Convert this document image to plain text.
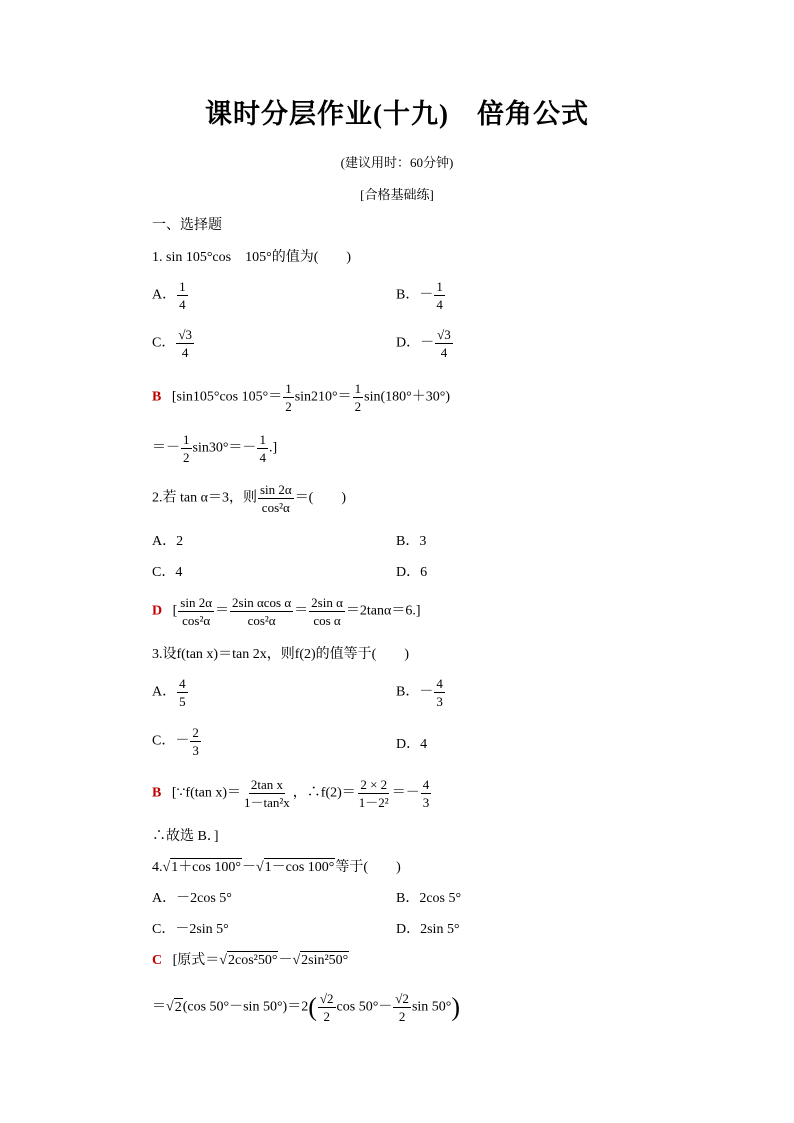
课时分层作业(十九)　倍角公式
(建议用时：60分钟)
[合格基础练]
一、选择题
1. sin 105°cos　105°的值为(　　)
A． $\frac{1}{4}$	B．－ $\frac{1}{4}$
C． $\frac{√3}{4}$	D．－ $\frac{√3}{4}$
B [sin105°cos $105^\circ= \frac{1}{2} \sin 210^\circ= \frac{1}{2} \sin(180^\circ+30^\circ)$
＝－ $\frac{1}{2} \sin 30^\circ=- \frac{1}{4}$ .]
2.若 tan α＝3，则 $\frac{\sin 2\alpha}{\text{cos²α}}$ ＝(　　)
A．2	B．3
C．4	D．6
D [ $\frac{\sin 2\alpha}{\text{cos²α}} = \frac{\text{2sin αcos α}}{\text{cos²α}} = \frac{\text{2sin α}}{\text{cos α}} =2\tan\alpha=6$.]
3.设f(tan x)＝tan 2x，则f(2)的值等于(　　)
A． $\frac{4}{5}$	B．－ $\frac{4}{3}$
C．－ $\frac{2}{3}$	D．4
B [∵f(tan $x)= \frac{\text{2tan x}}{\text{1－tan²x}}$ ，∴f(2)＝ $\frac{2 \times 2}{\text{1－2²}} =- \frac{4}{3}$
∴故选 B．]
4.√1＋cos 100°－√1－cos 100°等于(　　)
A．－2cos 5°	B．2cos 5°
C．－2sin 5°	D．2sin 5°
C [原式＝√2cos²50°－√2sin²50°
＝√2(cos 50°－sin $50^\circ)=2( \frac{√2}{2}$ $\cos 50^\circ- \frac{√2}{2}$ sin 50°)
